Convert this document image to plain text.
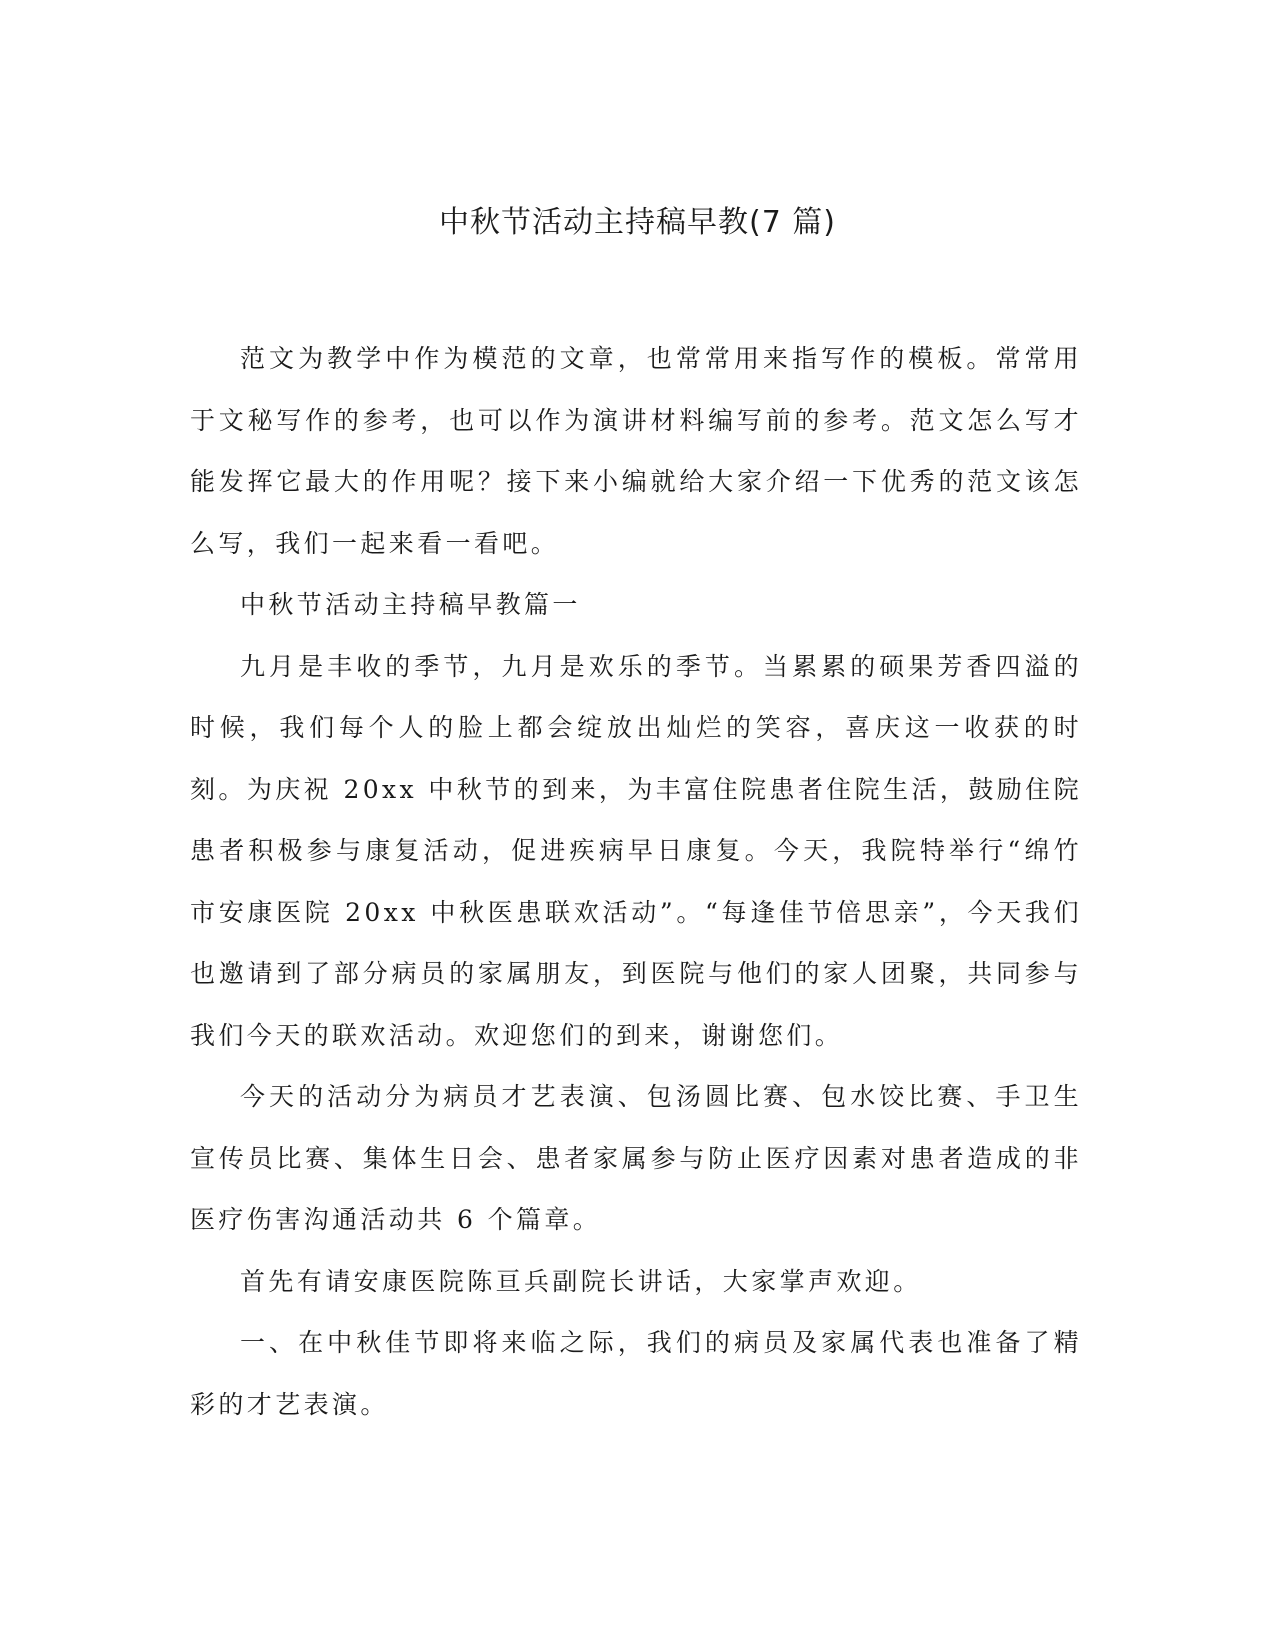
中秋节活动主持稿早教(7 篇)

范文为教学中作为模范的文章，也常常用来指写作的模板。常常用于文秘写作的参考，也可以作为演讲材料编写前的参考。范文怎么写才能发挥它最大的作用呢？接下来小编就给大家介绍一下优秀的范文该怎么写，我们一起来看一看吧。

中秋节活动主持稿早教篇一

九月是丰收的季节，九月是欢乐的季节。当累累的硕果芳香四溢的时候，我们每个人的脸上都会绽放出灿烂的笑容，喜庆这一收获的时刻。为庆祝 20xx 中秋节的到来，为丰富住院患者住院生活，鼓励住院患者积极参与康复活动，促进疾病早日康复。今天，我院特举行“绵竹市安康医院 20xx 中秋医患联欢活动”。“每逢佳节倍思亲”，今天我们也邀请到了部分病员的家属朋友，到医院与他们的家人团聚，共同参与我们今天的联欢活动。欢迎您们的到来，谢谢您们。

今天的活动分为病员才艺表演、包汤圆比赛、包水饺比赛、手卫生宣传员比赛、集体生日会、患者家属参与防止医疗因素对患者造成的非医疗伤害沟通活动共 6 个篇章。

首先有请安康医院陈亘兵副院长讲话，大家掌声欢迎。

一、在中秋佳节即将来临之际，我们的病员及家属代表也准备了精彩的才艺表演。
